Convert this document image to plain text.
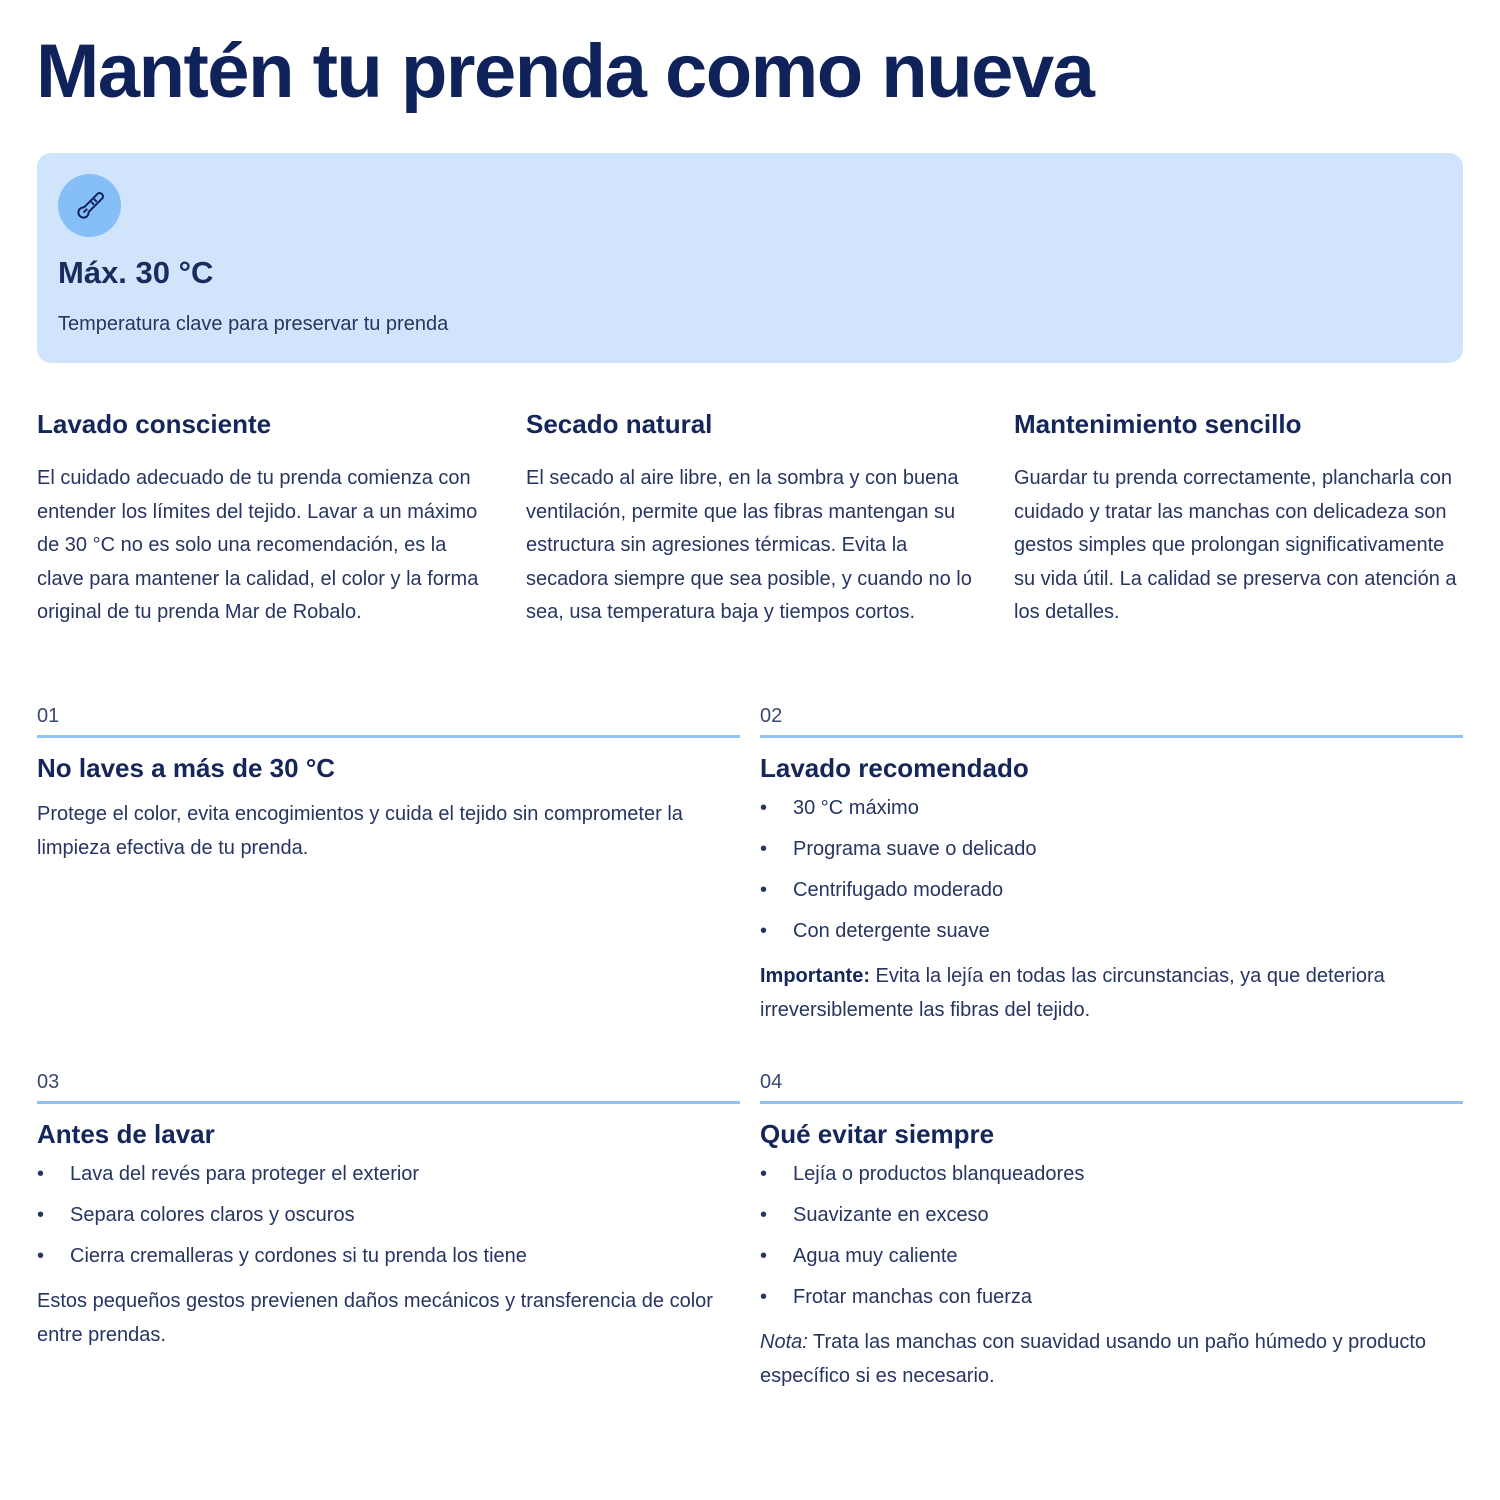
Mantén tu prenda como nueva
Máx. 30 °C
Temperatura clave para preservar tu prenda
Lavado consciente

El cuidado adecuado de tu prenda comienza con entender los límites del tejido. Lavar a un máximo de 30 °C no es solo una recomendación, es la clave para mantener la calidad, el color y la forma original de tu prenda Mar de Robalo.

Secado natural

El secado al aire libre, en la sombra y con buena ventilación, permite que las fibras mantengan su estructura sin agresiones térmicas. Evita la secadora siempre que sea posible, y cuando no lo sea, usa temperatura baja y tiempos cortos.

Mantenimiento sencillo

Guardar tu prenda correctamente, plancharla con cuidado y tratar las manchas con delicadeza son gestos simples que prolongan significativamente su vida útil. La calidad se preserva con atención a los detalles.

01
No laves a más de 30 °C
Protege el color, evita encogimientos y cuida el tejido sin comprometer la limpieza efectiva de tu prenda.
02
Lavado recomendado
• 30 °C máximo
• Programa suave o delicado
• Centrifugado moderado
• Con detergente suave
Importante: Evita la lejía en todas las circunstancias, ya que deteriora irreversiblemente las fibras del tejido.
03
Antes de lavar
• Lava del revés para proteger el exterior
• Separa colores claros y oscuros
• Cierra cremalleras y cordones si tu prenda los tiene
Estos pequeños gestos previenen daños mecánicos y transferencia de color entre prendas.
04
Qué evitar siempre
• Lejía o productos blanqueadores
• Suavizante en exceso
• Agua muy caliente
• Frotar manchas con fuerza
Nota: Trata las manchas con suavidad usando un paño húmedo y producto específico si es necesario.
